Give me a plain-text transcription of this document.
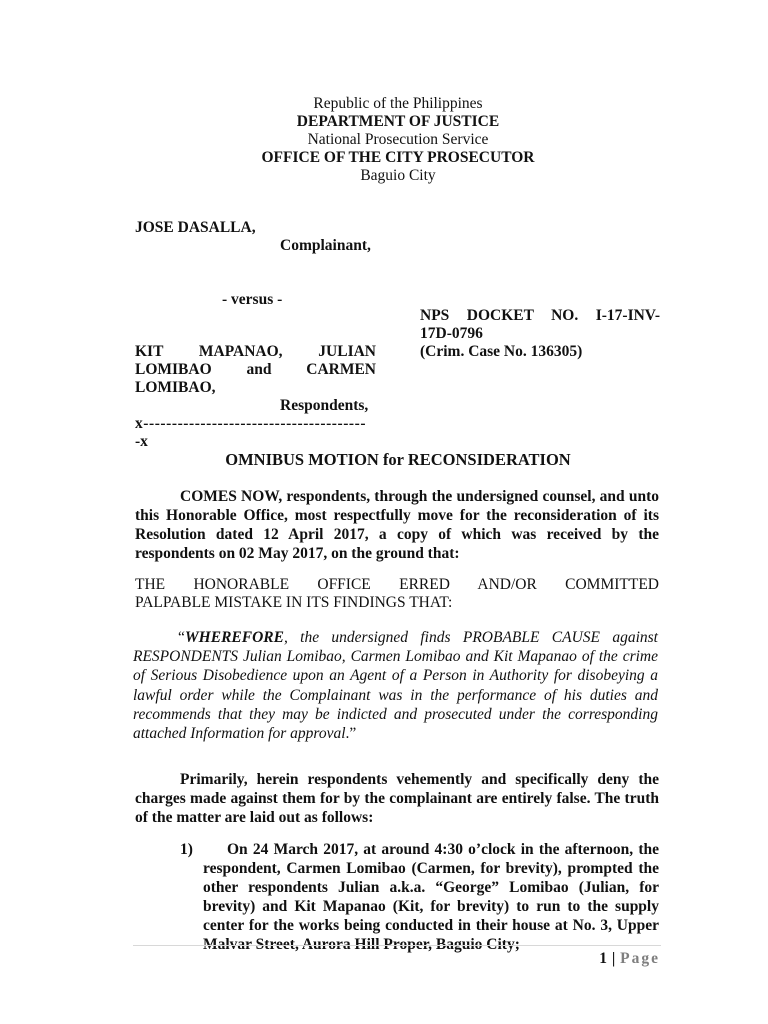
Republic of the Philippines
DEPARTMENT OF JUSTICE
National Prosecution Service
OFFICE OF THE CITY PROSECUTOR
Baguio City
JOSE DASALLA,
Complainant,
- versus -
NPS DOCKET NO. I-17-INV-
17D-0796
(Crim. Case No. 136305)
KIT MAPANAO, JULIAN
LOMIBAO and CARMEN
LOMIBAO,
Respondents,
x---------------------------------------
-x
OMNIBUS MOTION for RECONSIDERATION
COMES NOW, respondents, through the undersigned counsel, and unto this Honorable Office, most respectfully move for the reconsideration of its Resolution dated 12 April 2017, a copy of which was received by the respondents on 02 May 2017, on the ground that:
THE HONORABLE OFFICE ERRED AND/OR COMMITTED
PALPABLE MISTAKE IN ITS FINDINGS THAT:
“WHEREFORE, the undersigned finds PROBABLE CAUSE against RESPONDENTS Julian Lomibao, Carmen Lomibao and Kit Mapanao of the crime of Serious Disobedience upon an Agent of a Person in Authority for disobeying a lawful order while the Complainant was in the performance of his duties and recommends that they may be indicted and prosecuted under the corresponding attached Information for approval.”
Primarily, herein respondents vehemently and specifically deny the charges made against them for by the complainant are entirely false. The truth of the matter are laid out as follows:
1)	On 24 March 2017, at around 4:30 o’clock in the afternoon, the respondent, Carmen Lomibao (Carmen, for brevity), prompted the other respondents Julian a.k.a. “George” Lomibao (Julian, for brevity) and Kit Mapanao (Kit, for brevity) to run to the supply center for the works being conducted in their house at No. 3, Upper Malvar Street, Aurora Hill Proper, Baguio City;
1 | Page
